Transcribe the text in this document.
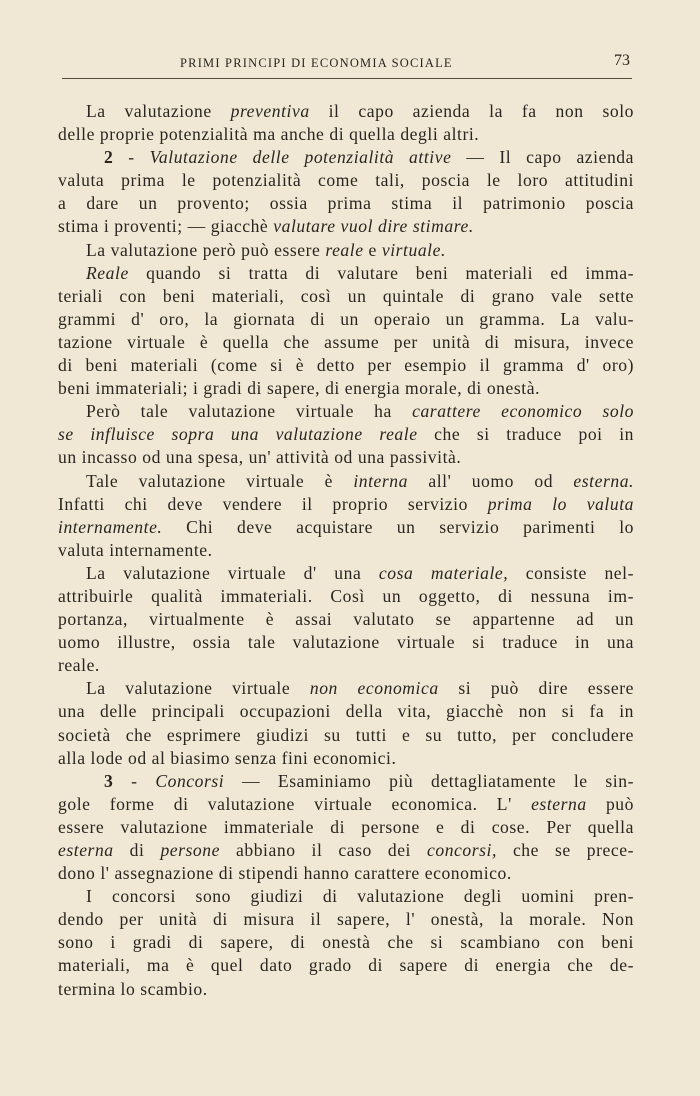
PRIMI PRINCIPI DI ECONOMIA SOCIALE	73
La valutazione preventiva il capo azienda la fa non solo
delle proprie potenzialità ma anche di quella degli altri.
2 - Valutazione delle potenzialità attive — Il capo azienda
valuta prima le potenzialità come tali, poscia le loro attitudini
a dare un provento; ossia prima stima il patrimonio poscia
stima i proventi; — giacchè valutare vuol dire stimare.
La valutazione però può essere reale e virtuale.
Reale quando si tratta di valutare beni materiali ed imma-
teriali con beni materiali, così un quintale di grano vale sette
grammi d' oro, la giornata di un operaio un gramma. La valu-
tazione virtuale è quella che assume per unità di misura, invece
di beni materiali (come si è detto per esempio il gramma d' oro)
beni immateriali; i gradi di sapere, di energia morale, di onestà.
Però tale valutazione virtuale ha carattere economico solo
se influisce sopra una valutazione reale che si traduce poi in
un incasso od una spesa, un' attività od una passività.
Tale valutazione virtuale è interna all' uomo od esterna.
Infatti chi deve vendere il proprio servizio prima lo valuta
internamente. Chi deve acquistare un servizio parimenti lo
valuta internamente.
La valutazione virtuale d' una cosa materiale, consiste nel-
attribuirle qualità immateriali. Così un oggetto, di nessuna im-
portanza, virtualmente è assai valutato se appartenne ad un
uomo illustre, ossia tale valutazione virtuale si traduce in una
reale.
La valutazione virtuale non economica si può dire essere
una delle principali occupazioni della vita, giacchè non si fa in
società che esprimere giudizi su tutti e su tutto, per concludere
alla lode od al biasimo senza fini economici.
3 - Concorsi — Esaminiamo più dettagliatamente le sin-
gole forme di valutazione virtuale economica. L' esterna può
essere valutazione immateriale di persone e di cose. Per quella
esterna di persone abbiano il caso dei concorsi, che se prece-
dono l' assegnazione di stipendi hanno carattere economico.
I concorsi sono giudizi di valutazione degli uomini pren-
dendo per unità di misura il sapere, l' onestà, la morale. Non
sono i gradi di sapere, di onestà che si scambiano con beni
materiali, ma è quel dato grado di sapere di energia che de-
termina lo scambio.
